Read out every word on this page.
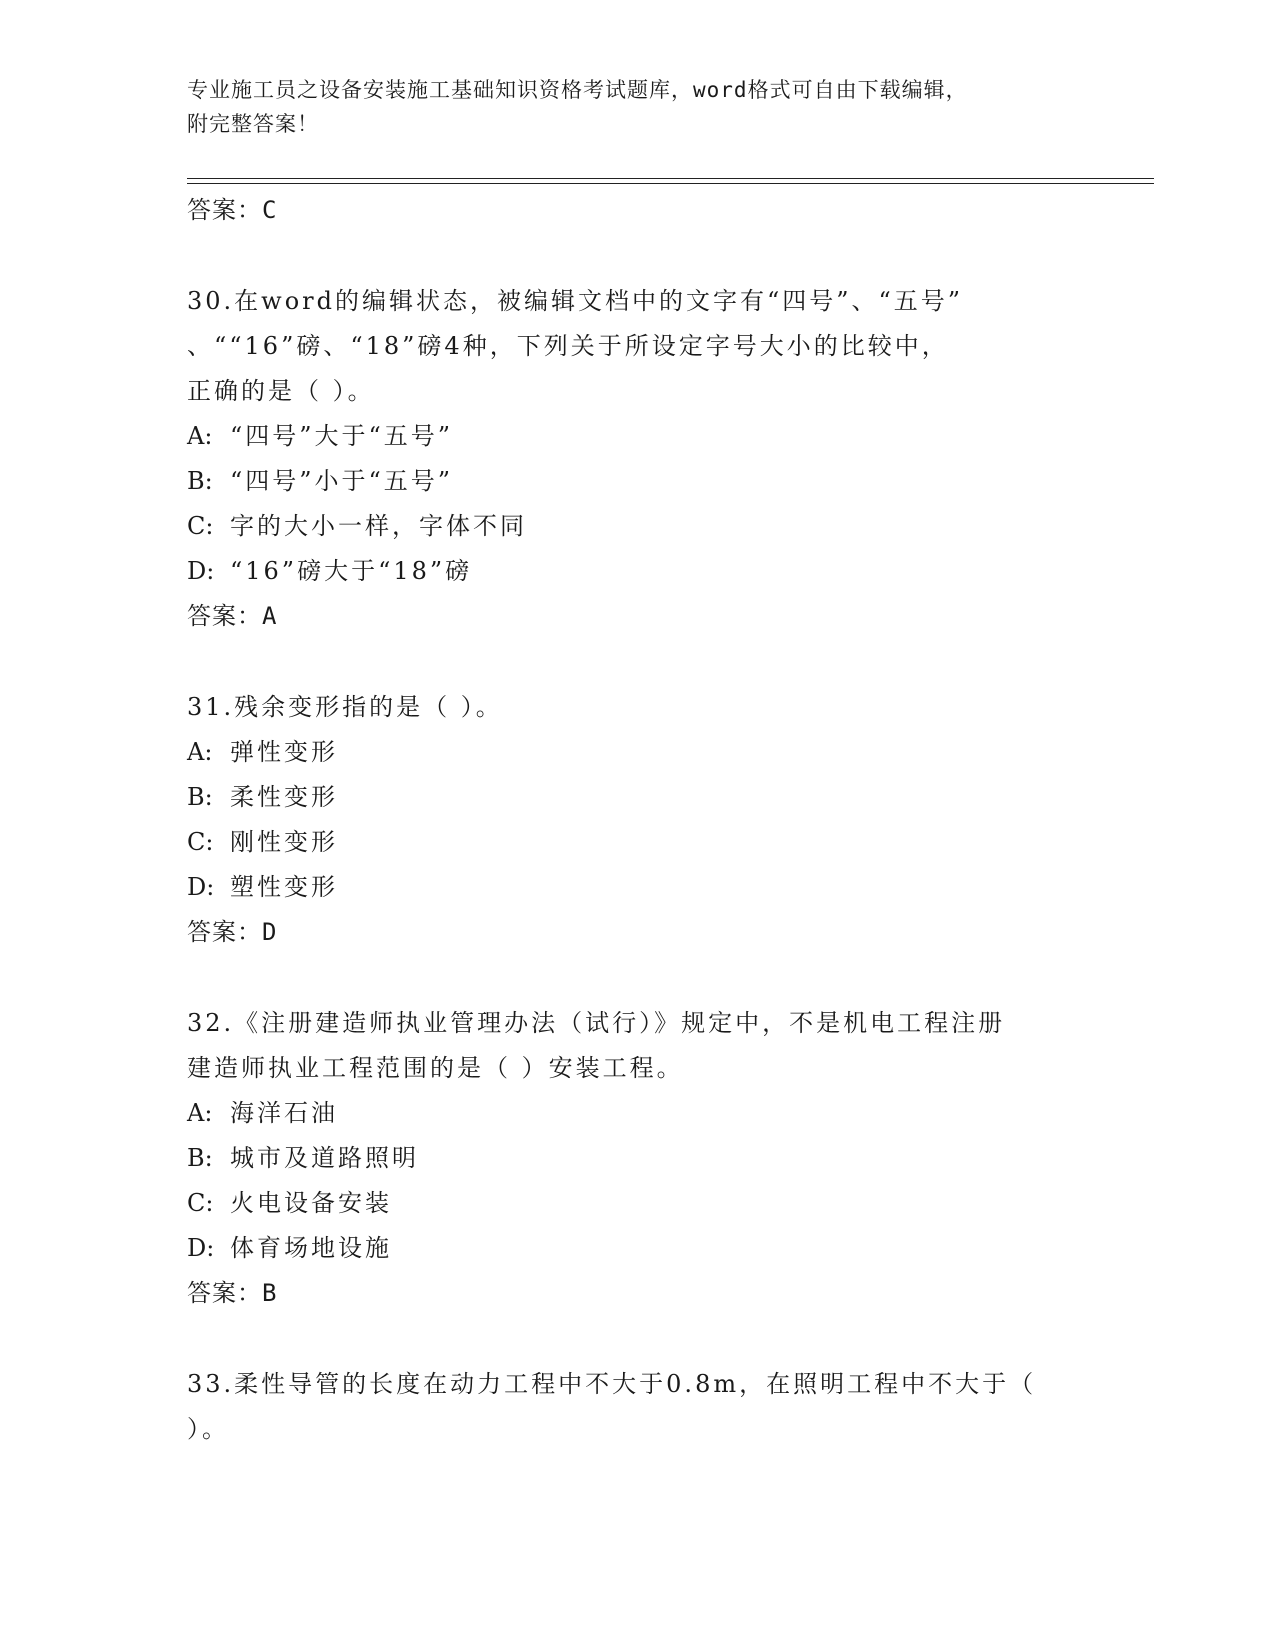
专业施工员之设备安装施工基础知识资格考试题库，word格式可自由下载编辑，
附完整答案！
答案：C
30.在word的编辑状态，被编辑文档中的文字有“四号”、“五号”
、““16”磅、“18”磅4种，下列关于所设定字号大小的比较中，
正确的是（ ）。
A: “四号”大于“五号”
B: “四号”小于“五号”
C: 字的大小一样，字体不同
D: “16”磅大于“18”磅
答案：A
31.残余变形指的是（ ）。
A: 弹性变形
B: 柔性变形
C: 刚性变形
D: 塑性变形
答案：D
32.《注册建造师执业管理办法（试行）》规定中，不是机电工程注册
建造师执业工程范围的是（ ）安装工程。
A: 海洋石油
B: 城市及道路照明
C: 火电设备安装
D: 体育场地设施
答案：B
33.柔性导管的长度在动力工程中不大于0.8m，在照明工程中不大于（
）。
